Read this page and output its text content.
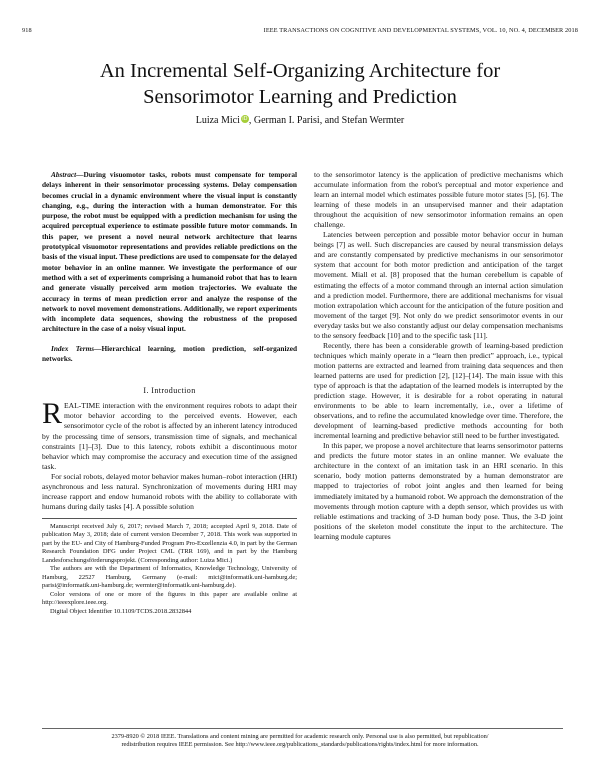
918	IEEE TRANSACTIONS ON COGNITIVE AND DEVELOPMENTAL SYSTEMS, VOL. 10, NO. 4, DECEMBER 2018
An Incremental Self-Organizing Architecture for
Sensorimotor Learning and Prediction
Luiza Mici iD, German I. Parisi, and Stefan Wermter

Abstract—During visuomotor tasks, robots must compensate for temporal delays inherent in their sensorimotor processing systems. Delay compensation becomes crucial in a dynamic environment where the visual input is constantly changing, e.g., during the interaction with a human demonstrator. For this purpose, the robot must be equipped with a prediction mechanism for using the acquired perceptual experience to estimate possible future motor commands. In this paper, we present a novel neural network architecture that learns prototypical visuomotor representations and provides reliable predictions on the basis of the visual input. These predictions are used to compensate for the delayed motor behavior in an online manner. We investigate the performance of our method with a set of experiments comprising a humanoid robot that has to learn and generate visually perceived arm motion trajectories. We evaluate the accuracy in terms of mean prediction error and analyze the response of the network to novel movement demonstrations. Additionally, we report experiments with incomplete data sequences, showing the robustness of the proposed architecture in the case of a noisy visual input.

Index Terms—Hierarchical learning, motion prediction, self-organized networks.

I. Introduction

REAL-TIME interaction with the environment requires robots to adapt their motor behavior according to the perceived events. However, each sensorimotor cycle of the robot is affected by an inherent latency introduced by the processing time of sensors, transmission time of signals, and mechanical constraints [1]–[3]. Due to this latency, robots exhibit a discontinuous motor behavior which may compromise the accuracy and execution time of the assigned task.

For social robots, delayed motor behavior makes human–robot interaction (HRI) asynchronous and less natural. Synchronization of movements during HRI may increase rapport and endow humanoid robots with the ability to collaborate with humans during daily tasks [4]. A possible solution

Manuscript received July 6, 2017; revised March 7, 2018; accepted April 9, 2018. Date of publication May 3, 2018; date of current version December 7, 2018. This work was supported in part by the EU- and City of Hamburg-Funded Program Pro-Exzellenzia 4.0, in part by the German Research Foundation DFG under Project CML (TRR 169), and in part by the Hamburg Landesforschungsförderungsprojekt. (Corresponding author: Luiza Mici.)

The authors are with the Department of Informatics, Knowledge Technology, University of Hamburg, 22527 Hamburg, Germany (e-mail: mici@informatik.uni-hamburg.de; parisi@informatik.uni-hamburg.de; wermter@informatik.uni-hamburg.de).

Color versions of one or more of the figures in this paper are available online at http://ieeexplore.ieee.org.

Digital Object Identifier 10.1109/TCDS.2018.2832844

to the sensorimotor latency is the application of predictive mechanisms which accumulate information from the robot's perceptual and motor experience and learn an internal model which estimates possible future motor states [5], [6]. The learning of these models in an unsupervised manner and their adaptation throughout the acquisition of new sensorimotor information remains an open challenge.

Latencies between perception and possible motor behavior occur in human beings [7] as well. Such discrepancies are caused by neural transmission delays and are constantly compensated by predictive mechanisms in our sensorimotor system that account for both motor prediction and anticipation of the target movement. Miall et al. [8] proposed that the human cerebellum is capable of estimating the effects of a motor command through an internal action simulation and a prediction model. Furthermore, there are additional mechanisms for visual motion extrapolation which account for the anticipation of the future position and movement of the target [9]. Not only do we predict sensorimotor events in our everyday tasks but we also constantly adjust our delay compensation mechanisms to the sensory feedback [10] and to the specific task [11].

Recently, there has been a considerable growth of learning-based prediction techniques which mainly operate in a “learn then predict” approach, i.e., typical motion patterns are extracted and learned from training data sequences and then learned patterns are used for prediction [2], [12]–[14]. The main issue with this type of approach is that the adaptation of the learned models is interrupted by the prediction stage. However, it is desirable for a robot operating in natural environments to be able to learn incrementally, i.e., over a lifetime of observations, and to refine the accumulated knowledge over time. Therefore, the development of learning-based predictive methods accounting for both incremental learning and predictive behavior still need to be further investigated.

In this paper, we propose a novel architecture that learns sensorimotor patterns and predicts the future motor states in an online manner. We evaluate the architecture in the context of an imitation task in an HRI scenario. In this scenario, body motion patterns demonstrated by a human demonstrator are mapped to trajectories of robot joint angles and then learned for being immediately imitated by a humanoid robot. We approach the demonstration of the movements through motion capture with a depth sensor, which provides us with reliable estimations and tracking of 3-D human body pose. Thus, the 3-D joint positions of the skeleton model constitute the input to the architecture. The learning module captures

2379-8920 © 2018 IEEE. Translations and content mining are permitted for academic research only. Personal use is also permitted, but republication/
redistribution requires IEEE permission. See http://www.ieee.org/publications_standards/publications/rights/index.html for more information.
